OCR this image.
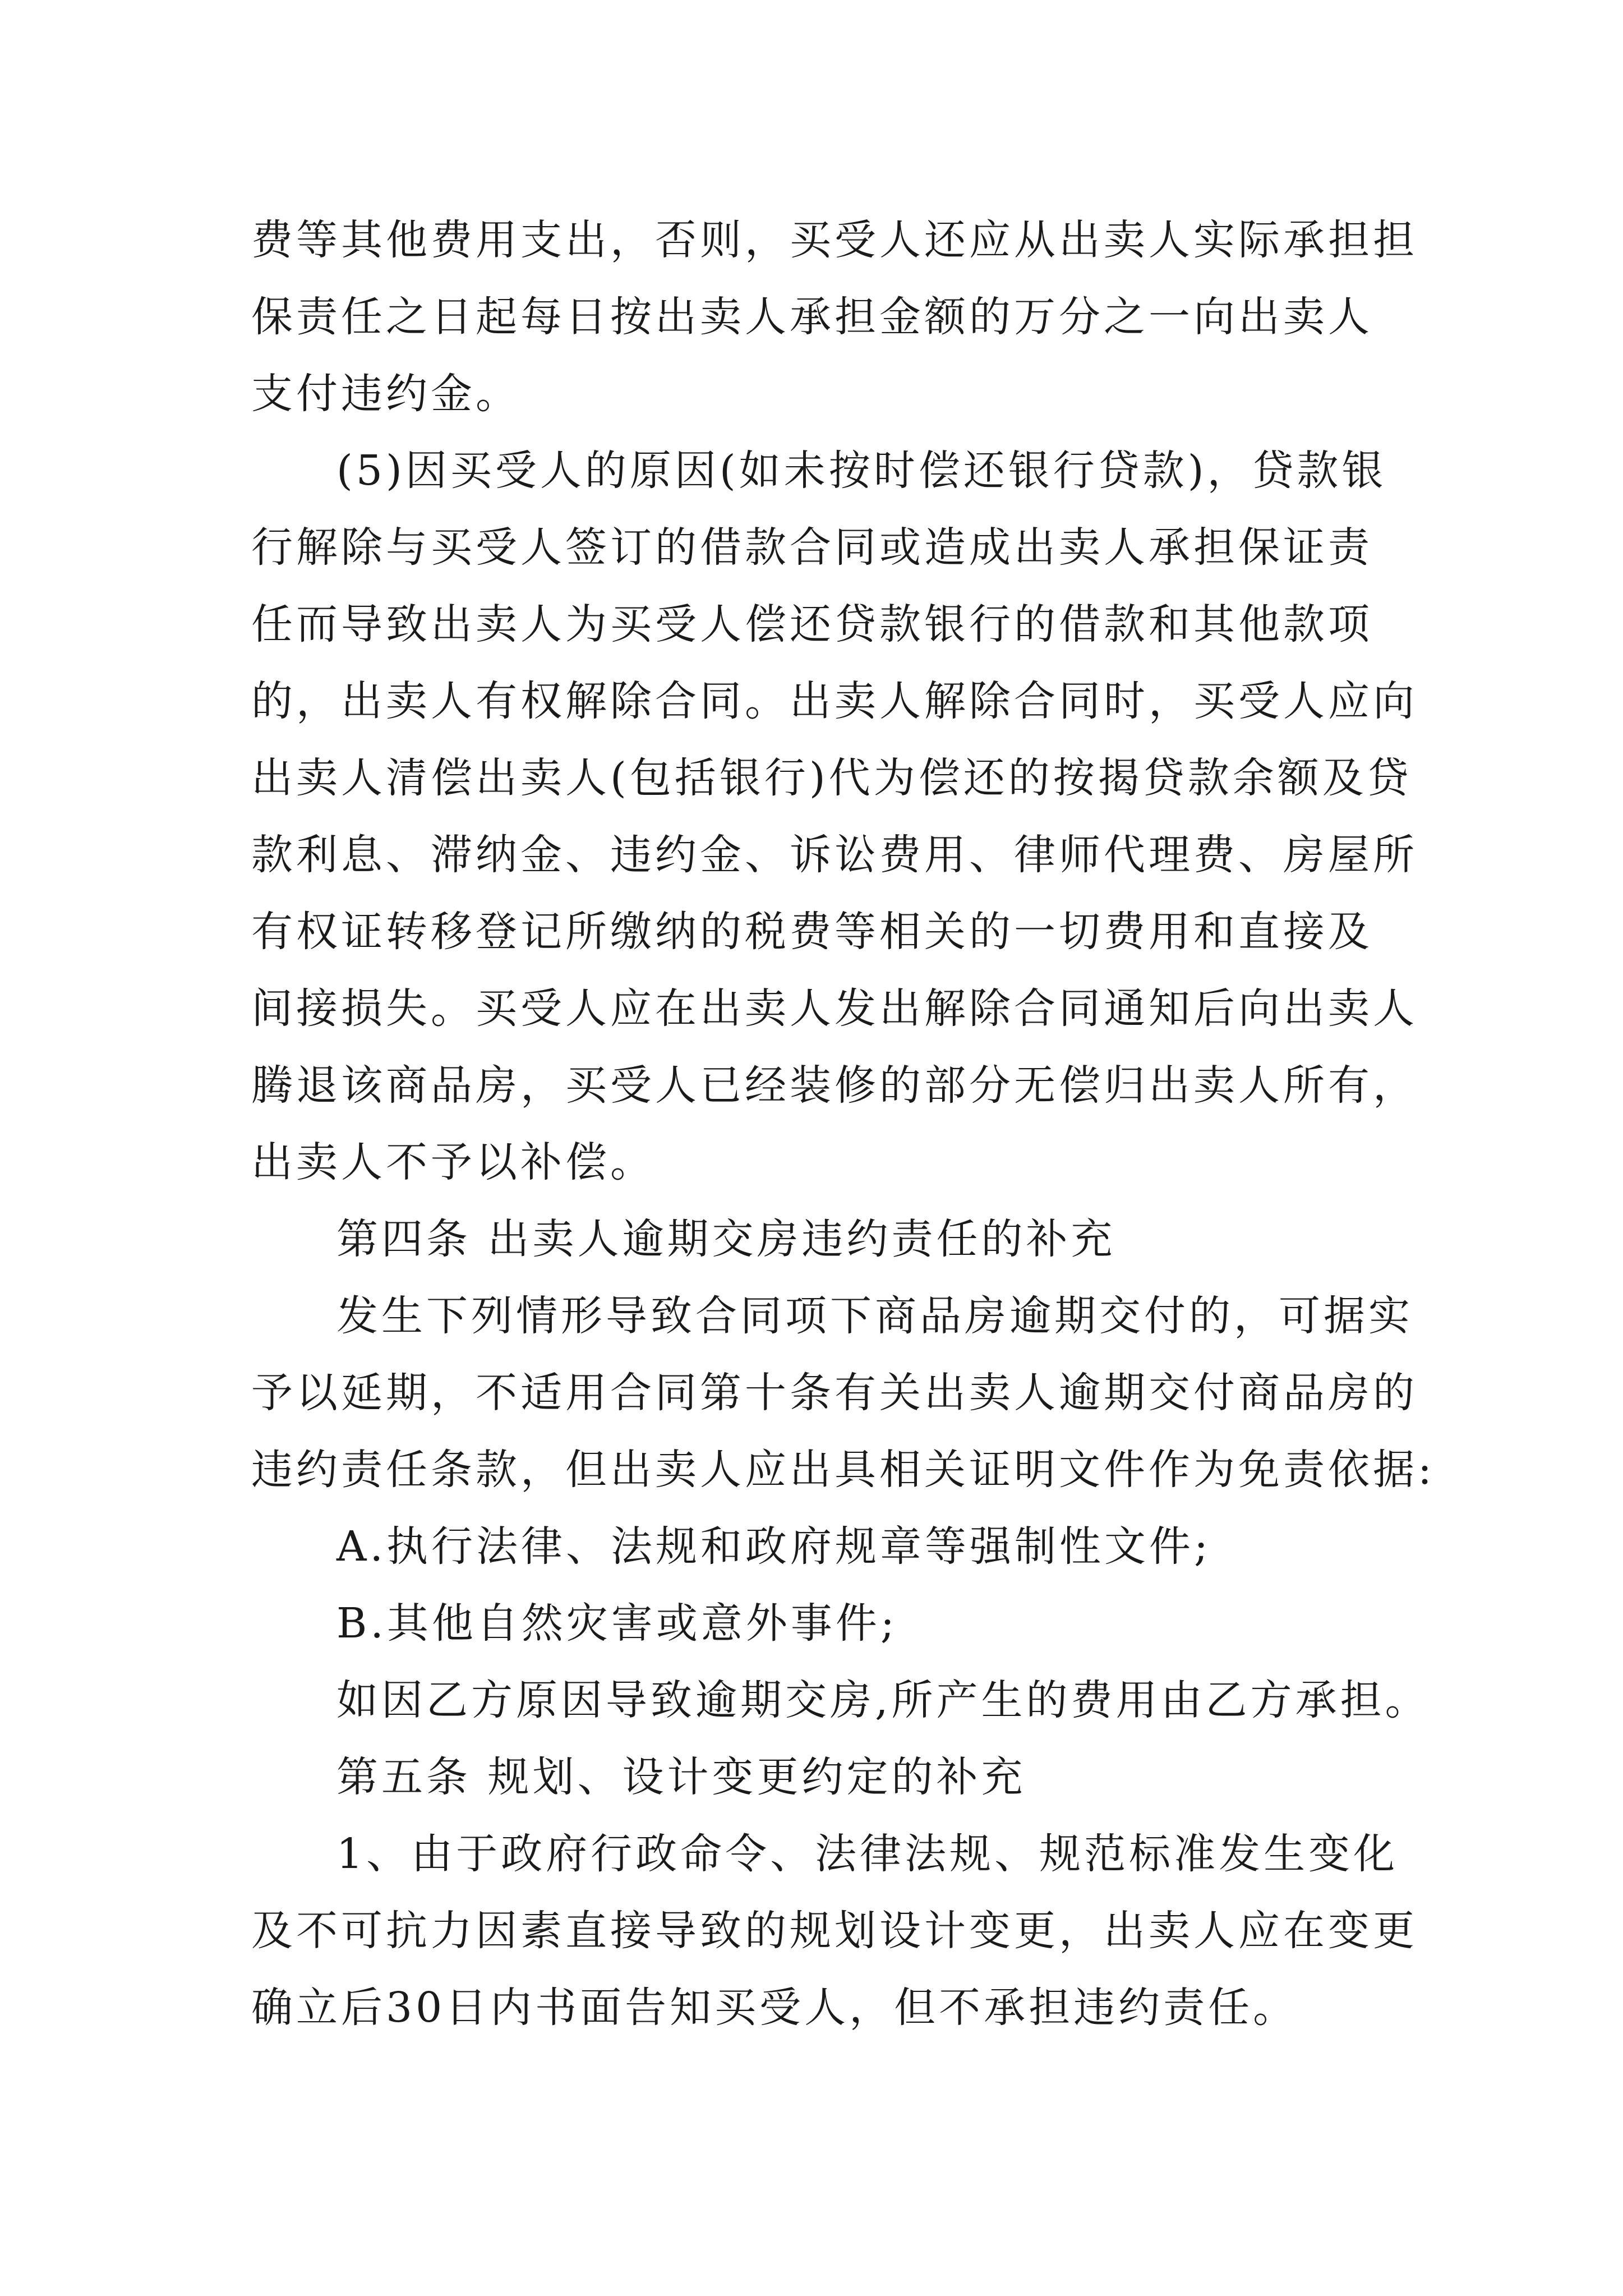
费等其他费用支出，否则，买受人还应从出卖人实际承担担
保责任之日起每日按出卖人承担金额的万分之一向出卖人
支付违约金。
(5)因买受人的原因(如未按时偿还银行贷款)，贷款银
行解除与买受人签订的借款合同或造成出卖人承担保证责
任而导致出卖人为买受人偿还贷款银行的借款和其他款项
的，出卖人有权解除合同。出卖人解除合同时，买受人应向
出卖人清偿出卖人(包括银行)代为偿还的按揭贷款余额及贷
款利息、滞纳金、违约金、诉讼费用、律师代理费、房屋所
有权证转移登记所缴纳的税费等相关的一切费用和直接及
间接损失。买受人应在出卖人发出解除合同通知后向出卖人
腾退该商品房，买受人已经装修的部分无偿归出卖人所有，
出卖人不予以补偿。
第四条 出卖人逾期交房违约责任的补充
发生下列情形导致合同项下商品房逾期交付的，可据实
予以延期，不适用合同第十条有关出卖人逾期交付商品房的
违约责任条款，但出卖人应出具相关证明文件作为免责依据:
A.执行法律、法规和政府规章等强制性文件;
B.其他自然灾害或意外事件;
如因乙方原因导致逾期交房,所产生的费用由乙方承担。
第五条 规划、设计变更约定的补充
1、由于政府行政命令、法律法规、规范标准发生变化
及不可抗力因素直接导致的规划设计变更，出卖人应在变更
确立后30日内书面告知买受人，但不承担违约责任。
